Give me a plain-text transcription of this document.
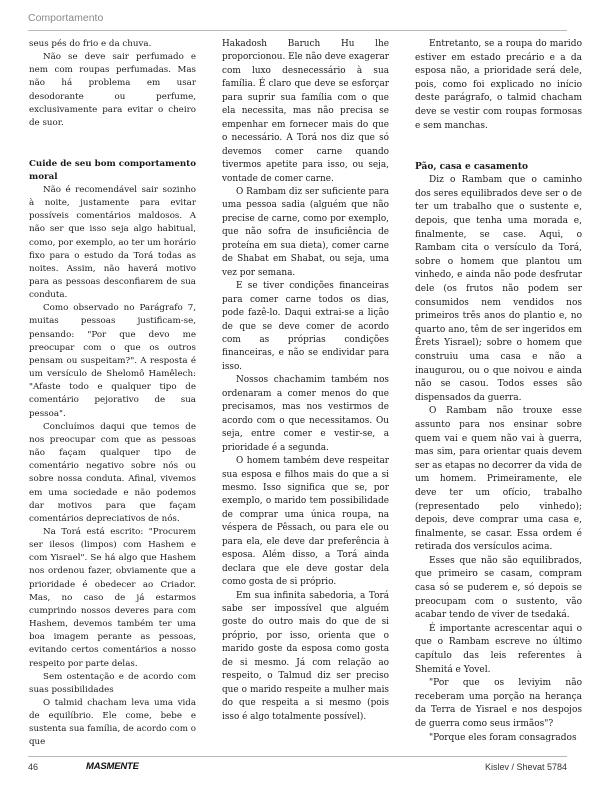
Comportamento

seus pés do frio e da chuva.

Não se deve sair perfumado e nem com roupas perfumadas. Mas não há problema em usar desodorante ou perfume, exclusivamente para evitar o cheiro de suor.

Cuide de seu bom comportamento moral

Não é recomendável sair sozinho à noite, justamente para evitar possíveis comentários maldosos. A não ser que isso seja algo habitual, como, por exemplo, ao ter um horário fixo para o estudo da Torá todas as noites. Assim, não haverá motivo para as pessoas desconfiarem de sua conduta.

Como observado no Parágrafo 7, muitas pessoas justificam-se, pensando: "Por que devo me preocupar com o que os outros pensam ou suspeitam?". A resposta é um versículo de Shelomô Hamêlech: "Afaste todo e qualquer tipo de comentário pejorativo de sua pessoa".

Concluímos daqui que temos de nos preocupar com que as pessoas não façam qualquer tipo de comentário negativo sobre nós ou sobre nossa conduta. Afinal, vivemos em uma sociedade e não podemos dar motivos para que façam comentários depreciativos de nós.

Na Torá está escrito: "Procurem ser ilesos (limpos) com Hashem e com Yisrael". Se há algo que Hashem nos ordenou fazer, obviamente que a prioridade é obedecer ao Criador. Mas, no caso de já estarmos cumprindo nossos deveres para com Hashem, devemos também ter uma boa imagem perante as pessoas, evitando certos comentários a nosso respeito por parte delas.

Sem ostentação e de acordo com suas possibilidades

O talmid chacham leva uma vida de equilíbrio. Ele come, bebe e sustenta sua família, de acordo com o que

Hakadosh Baruch Hu lhe proporcionou. Ele não deve exagerar com luxo desnecessário à sua família. É claro que deve se esforçar para suprir sua família com o que ela necessita, mas não precisa se empenhar em fornecer mais do que o necessário. A Torá nos diz que só devemos comer carne quando tivermos apetite para isso, ou seja, vontade de comer carne.

O Rambam diz ser suficiente para uma pessoa sadia (alguém que não precise de carne, como por exemplo, que não sofra de insuficiência de proteína em sua dieta), comer carne de Shabat em Shabat, ou seja, uma vez por semana.

E se tiver condições financeiras para comer carne todos os dias, pode fazê-lo. Daqui extrai-se a lição de que se deve comer de acordo com as próprias condições financeiras, e não se endividar para isso.

Nossos chachamim também nos ordenaram a comer menos do que precisamos, mas nos vestirmos de acordo com o que necessitamos. Ou seja, entre comer e vestir-se, a prioridade é a segunda.

O homem também deve respeitar sua esposa e filhos mais do que a si mesmo. Isso significa que se, por exemplo, o marido tem possibilidade de comprar uma única roupa, na véspera de Pêssach, ou para ele ou para ela, ele deve dar preferência à esposa. Além disso, a Torá ainda declara que ele deve gostar dela como gosta de si próprio.

Em sua infinita sabedoria, a Torá sabe ser impossível que alguém goste do outro mais do que de si próprio, por isso, orienta que o marido goste da esposa como gosta de si mesmo. Já com relação ao respeito, o Talmud diz ser preciso que o marido respeite a mulher mais do que respeita a si mesmo (pois isso é algo totalmente possível).

Entretanto, se a roupa do marido estiver em estado precário e a da esposa não, a prioridade será dele, pois, como foi explicado no início deste parágrafo, o talmid chacham deve se vestir com roupas formosas e sem manchas.

Pão, casa e casamento

Diz o Rambam que o caminho dos seres equilibrados deve ser o de ter um trabalho que o sustente e, depois, que tenha uma morada e, finalmente, se case. Aqui, o Rambam cita o versículo da Torá, sobre o homem que plantou um vinhedo, e ainda não pode desfrutar dele (os frutos não podem ser consumidos nem vendidos nos primeiros três anos do plantio e, no quarto ano, têm de ser ingeridos em Êrets Yisrael); sobre o homem que construiu uma casa e não a inaugurou, ou o que noivou e ainda não se casou. Todos esses são dispensados da guerra.

O Rambam não trouxe esse assunto para nos ensinar sobre quem vai e quem não vai à guerra, mas sim, para orientar quais devem ser as etapas no decorrer da vida de um homem. Primeiramente, ele deve ter um ofício, trabalho (representado pelo vinhedo); depois, deve comprar uma casa e, finalmente, se casar. Essa ordem é retirada dos versículos acima.

Esses que não são equilibrados, que primeiro se casam, compram casa só se puderem e, só depois se preocupam com o sustento, vão acabar tendo de viver de tsedaká.

É importante acrescentar aqui o que o Rambam escreve no último capítulo das leis referentes à Shemitá e Yovel.

"Por que os leviyim não receberam uma porção na herança da Terra de Yisrael e nos despojos de guerra como seus irmãos"?

"Porque eles foram consagrados

46	MASMENTE	Kislev / Shevat 5784
